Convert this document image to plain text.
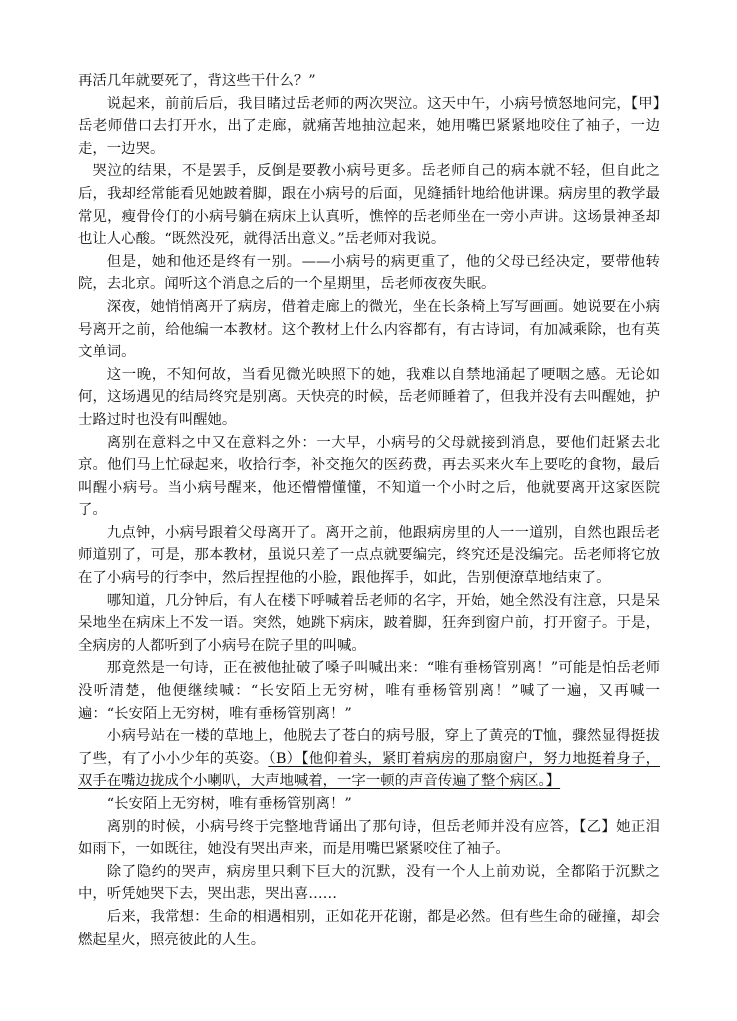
再活几年就要死了，背这些干什么？”

说起来，前前后后，我目睹过岳老师的两次哭泣。这天中午，小病号愤怒地问完，【甲】岳老师借口去打开水，出了走廊，就痛苦地抽泣起来，她用嘴巴紧紧地咬住了袖子，一边走，一边哭。

哭泣的结果，不是罢手，反倒是要教小病号更多。岳老师自己的病本就不轻，但自此之后，我却经常能看见她跛着脚，跟在小病号的后面，见缝插针地给他讲课。病房里的教学最常见，瘦骨伶仃的小病号躺在病床上认真听，憔悴的岳老师坐在一旁小声讲。这场景神圣却也让人心酸。“既然没死，就得活出意义。”岳老师对我说。

但是，她和他还是终有一别。——小病号的病更重了，他的父母已经决定，要带他转院，去北京。闻听这个消息之后的一个星期里，岳老师夜夜失眠。

深夜，她悄悄离开了病房，借着走廊上的微光，坐在长条椅上写写画画。她说要在小病号离开之前，给他编一本教材。这个教材上什么内容都有，有古诗词，有加减乘除，也有英文单词。

这一晚，不知何故，当看见微光映照下的她，我难以自禁地涌起了哽咽之感。无论如何，这场遇见的结局终究是别离。天快亮的时候，岳老师睡着了，但我并没有去叫醒她，护士路过时也没有叫醒她。

离别在意料之中又在意料之外：一大早，小病号的父母就接到消息，要他们赶紧去北京。他们马上忙碌起来，收拾行李，补交拖欠的医药费，再去买来火车上要吃的食物，最后叫醒小病号。当小病号醒来，他还懵懵懂懂，不知道一个小时之后，他就要离开这家医院了。

九点钟，小病号跟着父母离开了。离开之前，他跟病房里的人一一道别，自然也跟岳老师道别了，可是，那本教材，虽说只差了一点点就要编完，终究还是没编完。岳老师将它放在了小病号的行李中，然后捏捏他的小脸，跟他挥手，如此，告别便潦草地结束了。

哪知道，几分钟后，有人在楼下呼喊着岳老师的名字，开始，她全然没有注意，只是呆呆地坐在病床上不发一语。突然，她跳下病床，跛着脚，狂奔到窗户前，打开窗子。于是，全病房的人都听到了小病号在院子里的叫喊。

那竟然是一句诗，正在被他扯破了嗓子叫喊出来：“唯有垂杨管别离！”可能是怕岳老师没听清楚，他便继续喊：“长安陌上无穷树，唯有垂杨管别离！”喊了一遍，又再喊一遍：“长安陌上无穷树，唯有垂杨管别离！”

小病号站在一楼的草地上，他脱去了苍白的病号服，穿上了黄亮的T恤，骤然显得挺拔了些，有了小小少年的英姿。（B）【他仰着头，紧盯着病房的那扇窗户，努力地挺着身子，双手在嘴边拢成个小喇叭，大声地喊着，一字一顿的声音传遍了整个病区。】

“长安陌上无穷树，唯有垂杨管别离！”

离别的时候，小病号终于完整地背诵出了那句诗，但岳老师并没有应答，【乙】她正泪如雨下，一如既往，她没有哭出声来，而是用嘴巴紧紧咬住了袖子。

除了隐约的哭声，病房里只剩下巨大的沉默，没有一个人上前劝说，全都陷于沉默之中，听凭她哭下去，哭出悲，哭出喜……

后来，我常想：生命的相遇相别，正如花开花谢，都是必然。但有些生命的碰撞，却会燃起星火，照亮彼此的人生。
